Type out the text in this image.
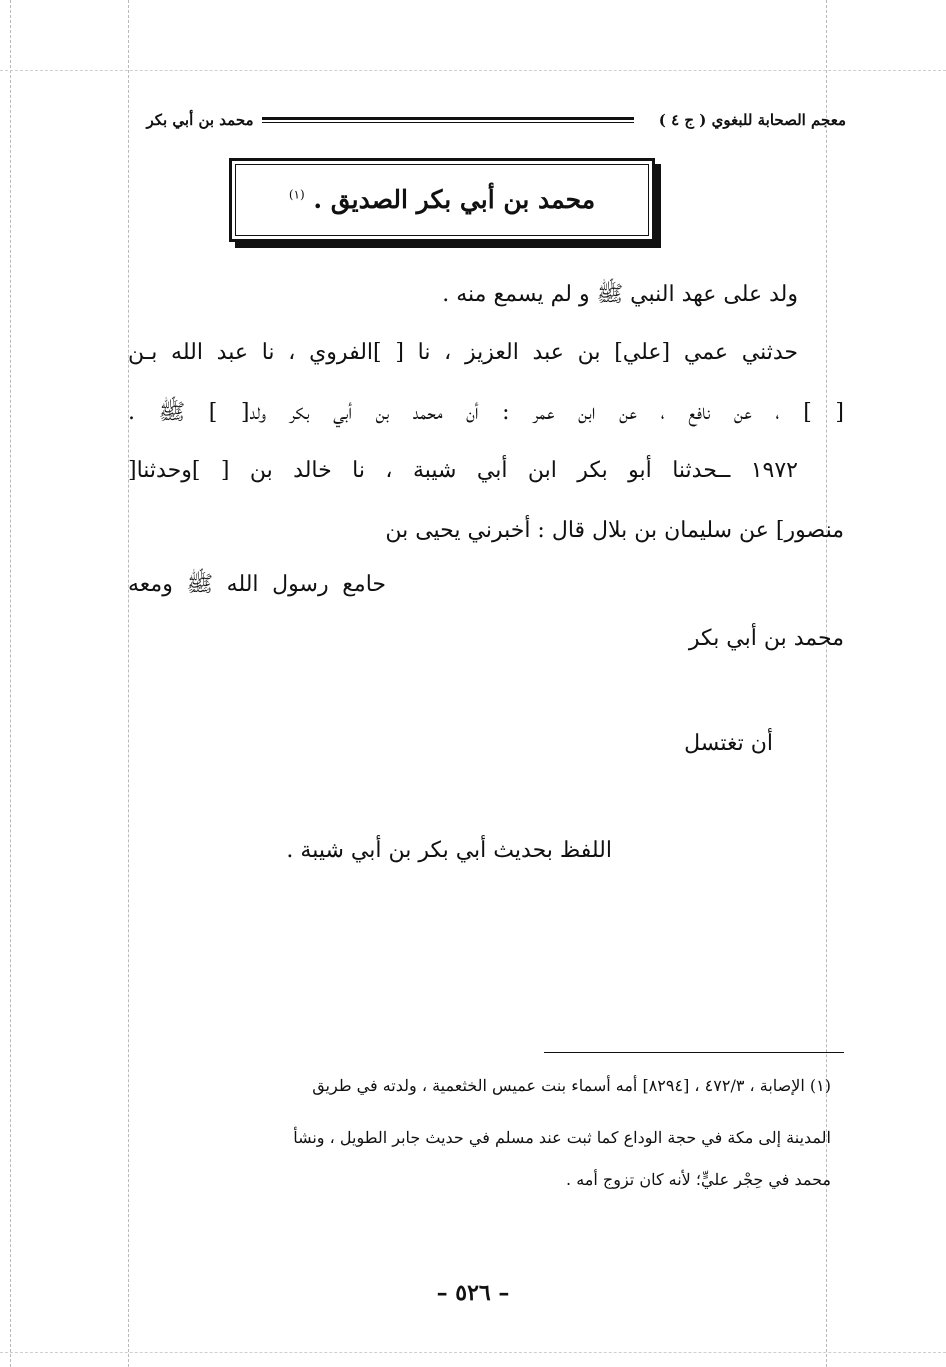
محمد بن أبي بكر	معجم الصحابة للبغوي ( ج ٤ )
محمد بن أبي بكر الصديق . $^{(١)}$
ولد على عهد النبي ﷺ و لم يسمع منه .
حدثني عمي [علي] بن عبد العزيز ، نا [ ]الفروي ، نا عبد الله بـن
[ ] ، عن نافع ، عن ابن عمر : أن محمد بن أبي بكر ولد[ ] ﷺ .
١٩٧٢ ــحدثنا أبو بكر ابن أبي شيبة ، نا خالد بن [ ]وحدثنا[
منصور] عن سليمان بن بلال قال : أخبرني يحيى بن
حامع رسول الله ﷺ ومعه
محمد بن أبي بكر
أن تغتسل
اللفظ بحديث أبي بكر بن أبي شيبة .
(١) الإصابة ، ٤٧٢/٣ ، [٨٢٩٤] أمه أسماء بنت عميس الخثعمية ، ولدته في طريق
المدينة إلى مكة في حجة الوداع كما ثبت عند مسلم في حديث جابر الطويل ، ونشأ
محمد في حِجْر عليٍّ؛ لأنه كان تزوج أمه .
– ٥٢٦ –
